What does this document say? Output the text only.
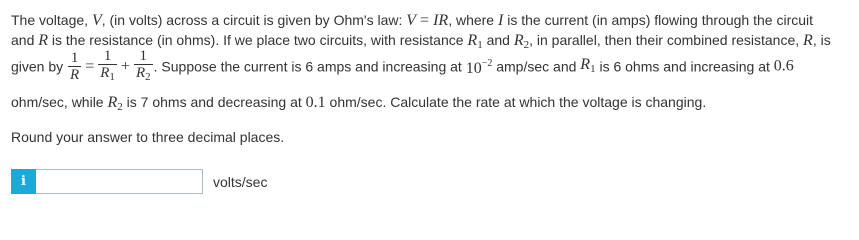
The voltage, V, (in volts) across a circuit is given by Ohm's law: V = IR, where I is the current (in amps) flowing through the circuit
and R is the resistance (in ohms). If we place two circuits, with resistance $R_1$ and $R_2$, in parallel, then their combined resistance, R, is
given by $\frac{1}{R} = \frac{1}{R_1} + \frac{1}{R_2}$ . Suppose the current is 6 amps and increasing at $10^{-2}$ amp/sec and $R_1$ is 6 ohms and increasing at 0.6
ohm/sec, while $R_2$ is 7 ohms and decreasing at 0.1 ohm/sec. Calculate the rate at which the voltage is changing.
Round your answer to three decimal places.
i	volts/sec
